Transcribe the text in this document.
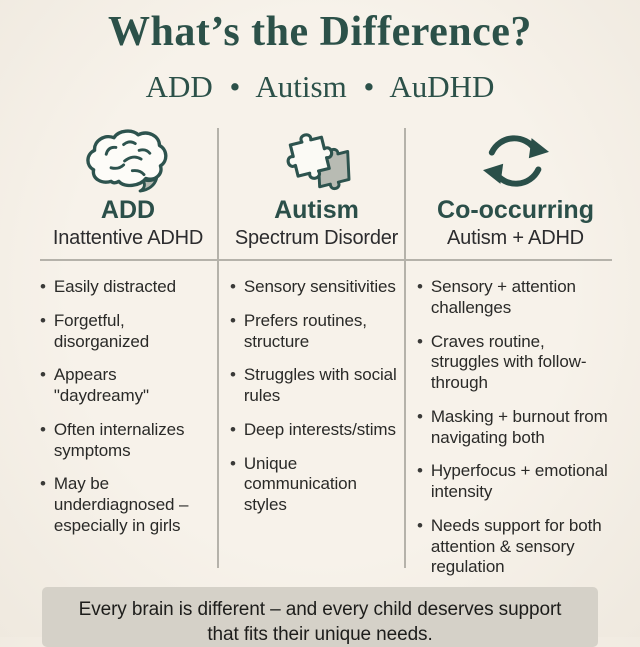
What’s the Difference?
ADD • Autism • AuDHD
ADD
Inattentive ADHD
• Easily distracted
• Forgetful, disorganized
• Appears "daydreamy"
• Often internalizes symptoms
• May be underdiagnosed – especially in girls
Autism
Spectrum Disorder
• Sensory sensitivities
• Prefers routines, structure
• Struggles with social rules
• Deep interests/stims
• Unique communication styles
Co-occurring
Autism + ADHD
• Sensory + attention challenges
• Craves routine, struggles with follow-through
• Masking + burnout from navigating both
• Hyperfocus + emotional intensity
• Needs support for both attention & sensory regulation
Every brain is different – and every child deserves support that fits their unique needs.
